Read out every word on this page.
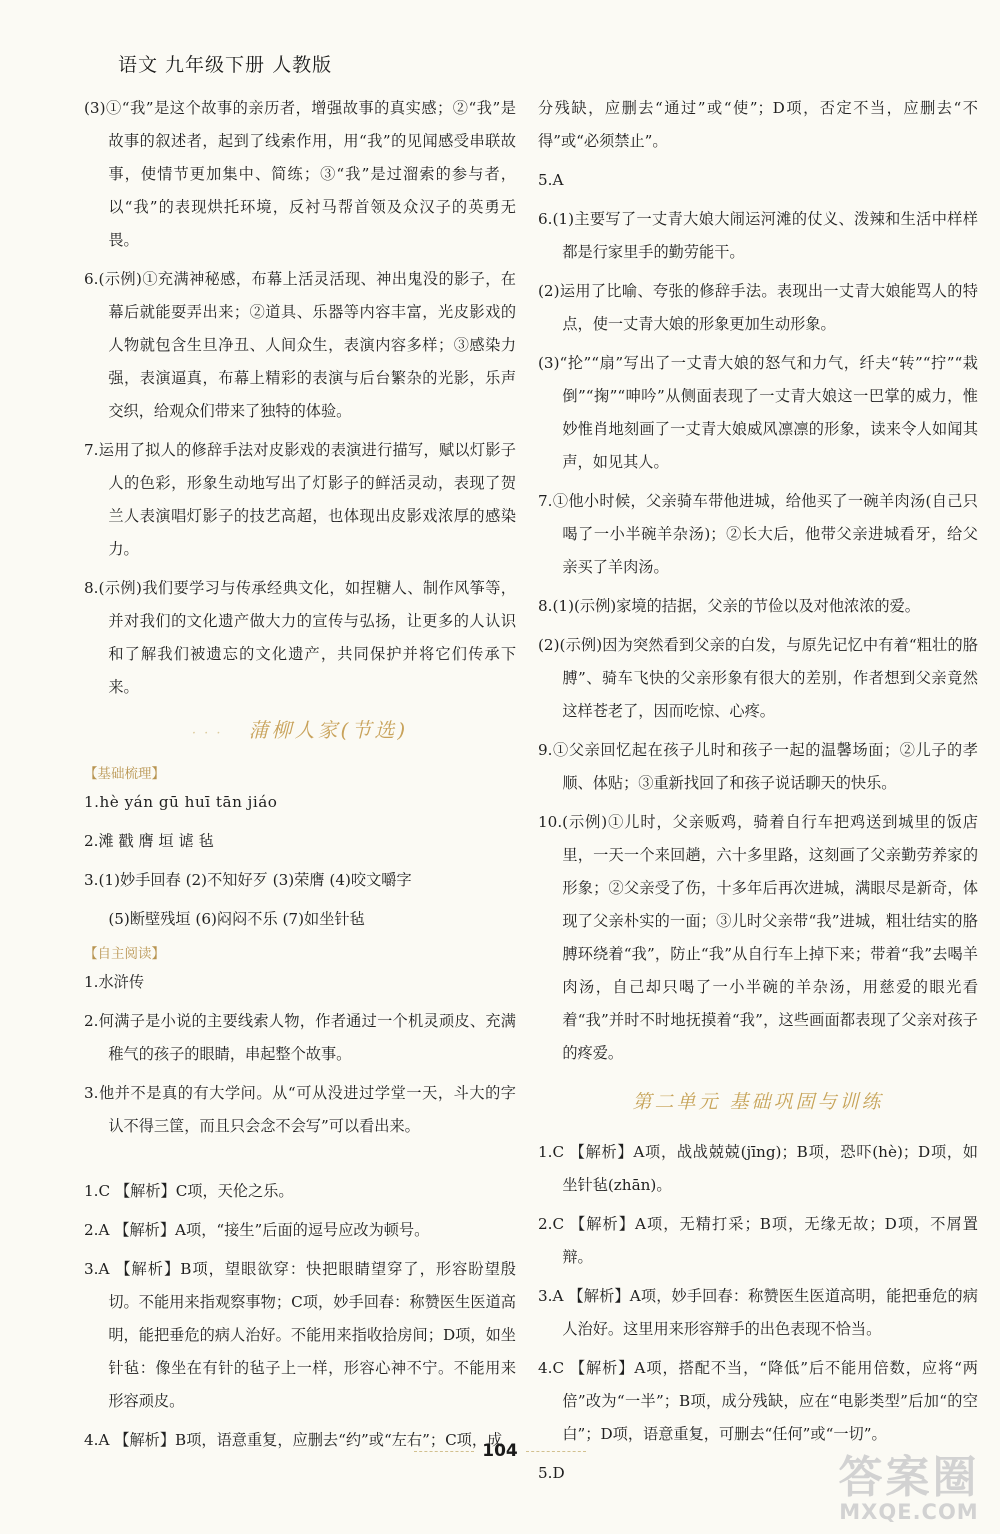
语文 九年级下册 人教版

(3)①“我”是这个故事的亲历者，增强故事的真实感；②“我”是故事的叙述者，起到了线索作用，用“我”的见闻感受串联故事，使情节更加集中、简练；③“我”是过溜索的参与者，以“我”的表现烘托环境，反衬马帮首领及众汉子的英勇无畏。

6.(示例)①充满神秘感，布幕上活灵活现、神出鬼没的影子，在幕后就能耍弄出来；②道具、乐器等内容丰富，光皮影戏的人物就包含生旦净丑、人间众生，表演内容多样；③感染力强，表演逼真，布幕上精彩的表演与后台繁杂的光影，乐声交织，给观众们带来了独特的体验。

7.运用了拟人的修辞手法对皮影戏的表演进行描写，赋以灯影子人的色彩，形象生动地写出了灯影子的鲜活灵动，表现了贺兰人表演唱灯影子的技艺高超，也体现出皮影戏浓厚的感染力。

8.(示例)我们要学习与传承经典文化，如捏糖人、制作风筝等，并对我们的文化遗产做大力的宣传与弘扬，让更多的人认识和了解我们被遗忘的文化遗产，共同保护并将它们传承下来。

· · · 蒲柳人家(节选)
【基础梳理】

1.hè yán gū huī tān jiáo

2.滩 戳 膺 垣 谑 毡

3.(1)妙手回春 (2)不知好歹 (3)荣膺 (4)咬文嚼字

(5)断壁残垣 (6)闷闷不乐 (7)如坐针毡

【自主阅读】

1.水浒传

2.何满子是小说的主要线索人物，作者通过一个机灵顽皮、充满稚气的孩子的眼睛，串起整个故事。

3.他并不是真的有大学问。从“可从没进过学堂一天，斗大的字认不得三筐，而且只会念不会写”可以看出来。

1.C 【解析】C项，天伦之乐。

2.A 【解析】A项，“接生”后面的逗号应改为顿号。

3.A 【解析】B项，望眼欲穿：快把眼睛望穿了，形容盼望殷切。不能用来指观察事物；C项，妙手回春：称赞医生医道高明，能把垂危的病人治好。不能用来指收拾房间；D项，如坐针毡：像坐在有针的毡子上一样，形容心神不宁。不能用来形容顽皮。

4.A 【解析】B项，语意重复，应删去“约”或“左右”；C项，成

分残缺，应删去“通过”或“使”；D项，否定不当，应删去“不得”或“必须禁止”。

5.A

6.(1)主要写了一丈青大娘大闹运河滩的仗义、泼辣和生活中样样都是行家里手的勤劳能干。

(2)运用了比喻、夸张的修辞手法。表现出一丈青大娘能骂人的特点，使一丈青大娘的形象更加生动形象。

(3)“抡”“扇”写出了一丈青大娘的怒气和力气，纤夫“转”“拧”“栽倒”“掬”“呻吟”从侧面表现了一丈青大娘这一巴掌的威力，惟妙惟肖地刻画了一丈青大娘威风凛凛的形象，读来令人如闻其声，如见其人。

7.①他小时候，父亲骑车带他进城，给他买了一碗羊肉汤(自己只喝了一小半碗羊杂汤)；②长大后，他带父亲进城看牙，给父亲买了羊肉汤。

8.(1)(示例)家境的拮据，父亲的节俭以及对他浓浓的爱。

(2)(示例)因为突然看到父亲的白发，与原先记忆中有着“粗壮的胳膊”、骑车飞快的父亲形象有很大的差别，作者想到父亲竟然这样苍老了，因而吃惊、心疼。

9.①父亲回忆起在孩子儿时和孩子一起的温馨场面；②儿子的孝顺、体贴；③重新找回了和孩子说话聊天的快乐。

10.(示例)①儿时，父亲贩鸡，骑着自行车把鸡送到城里的饭店里，一天一个来回趟，六十多里路，这刻画了父亲勤劳养家的形象；②父亲受了伤，十多年后再次进城，满眼尽是新奇，体现了父亲朴实的一面；③儿时父亲带“我”进城，粗壮结实的胳膊环绕着“我”，防止“我”从自行车上掉下来；带着“我”去喝羊肉汤，自己却只喝了一小半碗的羊杂汤，用慈爱的眼光看着“我”并时不时地抚摸着“我”，这些画面都表现了父亲对孩子的疼爱。

第二单元 基础巩固与训练

1.C 【解析】A项，战战兢兢(jīng)；B项，恐吓(hè)；D项，如坐针毡(zhān)。

2.C 【解析】A项，无精打采；B项，无缘无故；D项，不屑置辩。

3.A 【解析】A项，妙手回春：称赞医生医道高明，能把垂危的病人治好。这里用来形容辩手的出色表现不恰当。

4.C 【解析】A项，搭配不当，“降低”后不能用倍数，应将“两倍”改为“一半”；B项，成分残缺，应在“电影类型”后加“的空白”；D项，语意重复，可删去“任何”或“一切”。

5.D

104
答案圈
MXQE.COM
